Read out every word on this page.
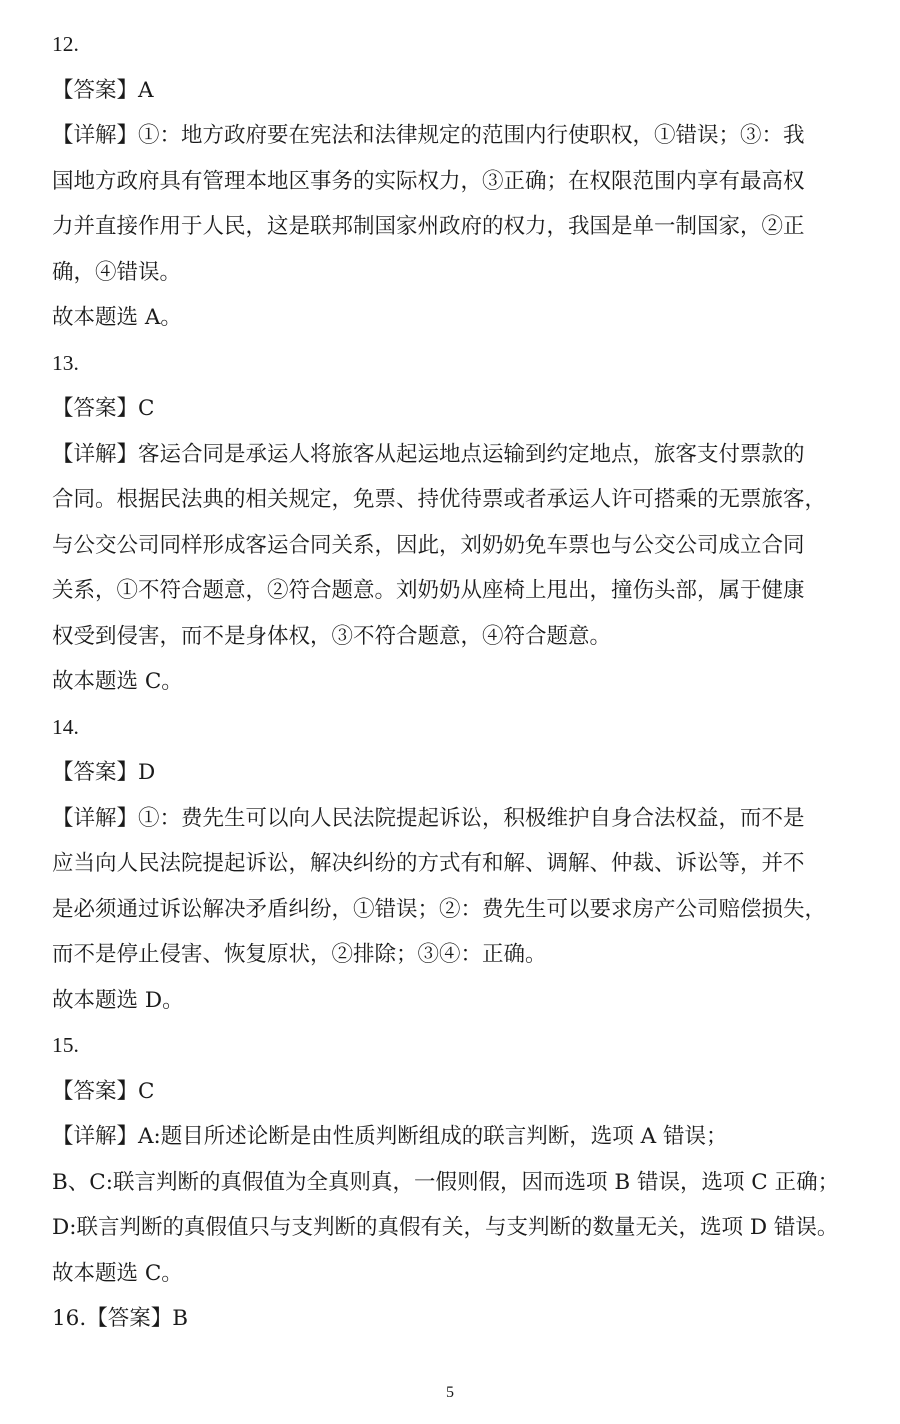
12.
【答案】A
【详解】①：地方政府要在宪法和法律规定的范围内行使职权，①错误；③：我
国地方政府具有管理本地区事务的实际权力，③正确；在权限范围内享有最高权
力并直接作用于人民，这是联邦制国家州政府的权力，我国是单一制国家，②正
确，④错误。
故本题选 A。
13.
【答案】C
【详解】客运合同是承运人将旅客从起运地点运输到约定地点，旅客支付票款的
合同。根据民法典的相关规定，免票、持优待票或者承运人许可搭乘的无票旅客，
与公交公司同样形成客运合同关系，因此，刘奶奶免车票也与公交公司成立合同
关系，①不符合题意，②符合题意。刘奶奶从座椅上甩出，撞伤头部，属于健康
权受到侵害，而不是身体权，③不符合题意，④符合题意。
故本题选 C。
14.
【答案】D
【详解】①：费先生可以向人民法院提起诉讼，积极维护自身合法权益，而不是
应当向人民法院提起诉讼，解决纠纷的方式有和解、调解、仲裁、诉讼等，并不
是必须通过诉讼解决矛盾纠纷，①错误；②：费先生可以要求房产公司赔偿损失，
而不是停止侵害、恢复原状，②排除；③④：正确。
故本题选 D。
15.
【答案】C
【详解】A:题目所述论断是由性质判断组成的联言判断，选项 A 错误；
B、C:联言判断的真假值为全真则真，一假则假，因而选项 B 错误，选项 C 正确；
D:联言判断的真假值只与支判断的真假有关，与支判断的数量无关，选项 D 错误。
故本题选 C。
16.【答案】B
5
